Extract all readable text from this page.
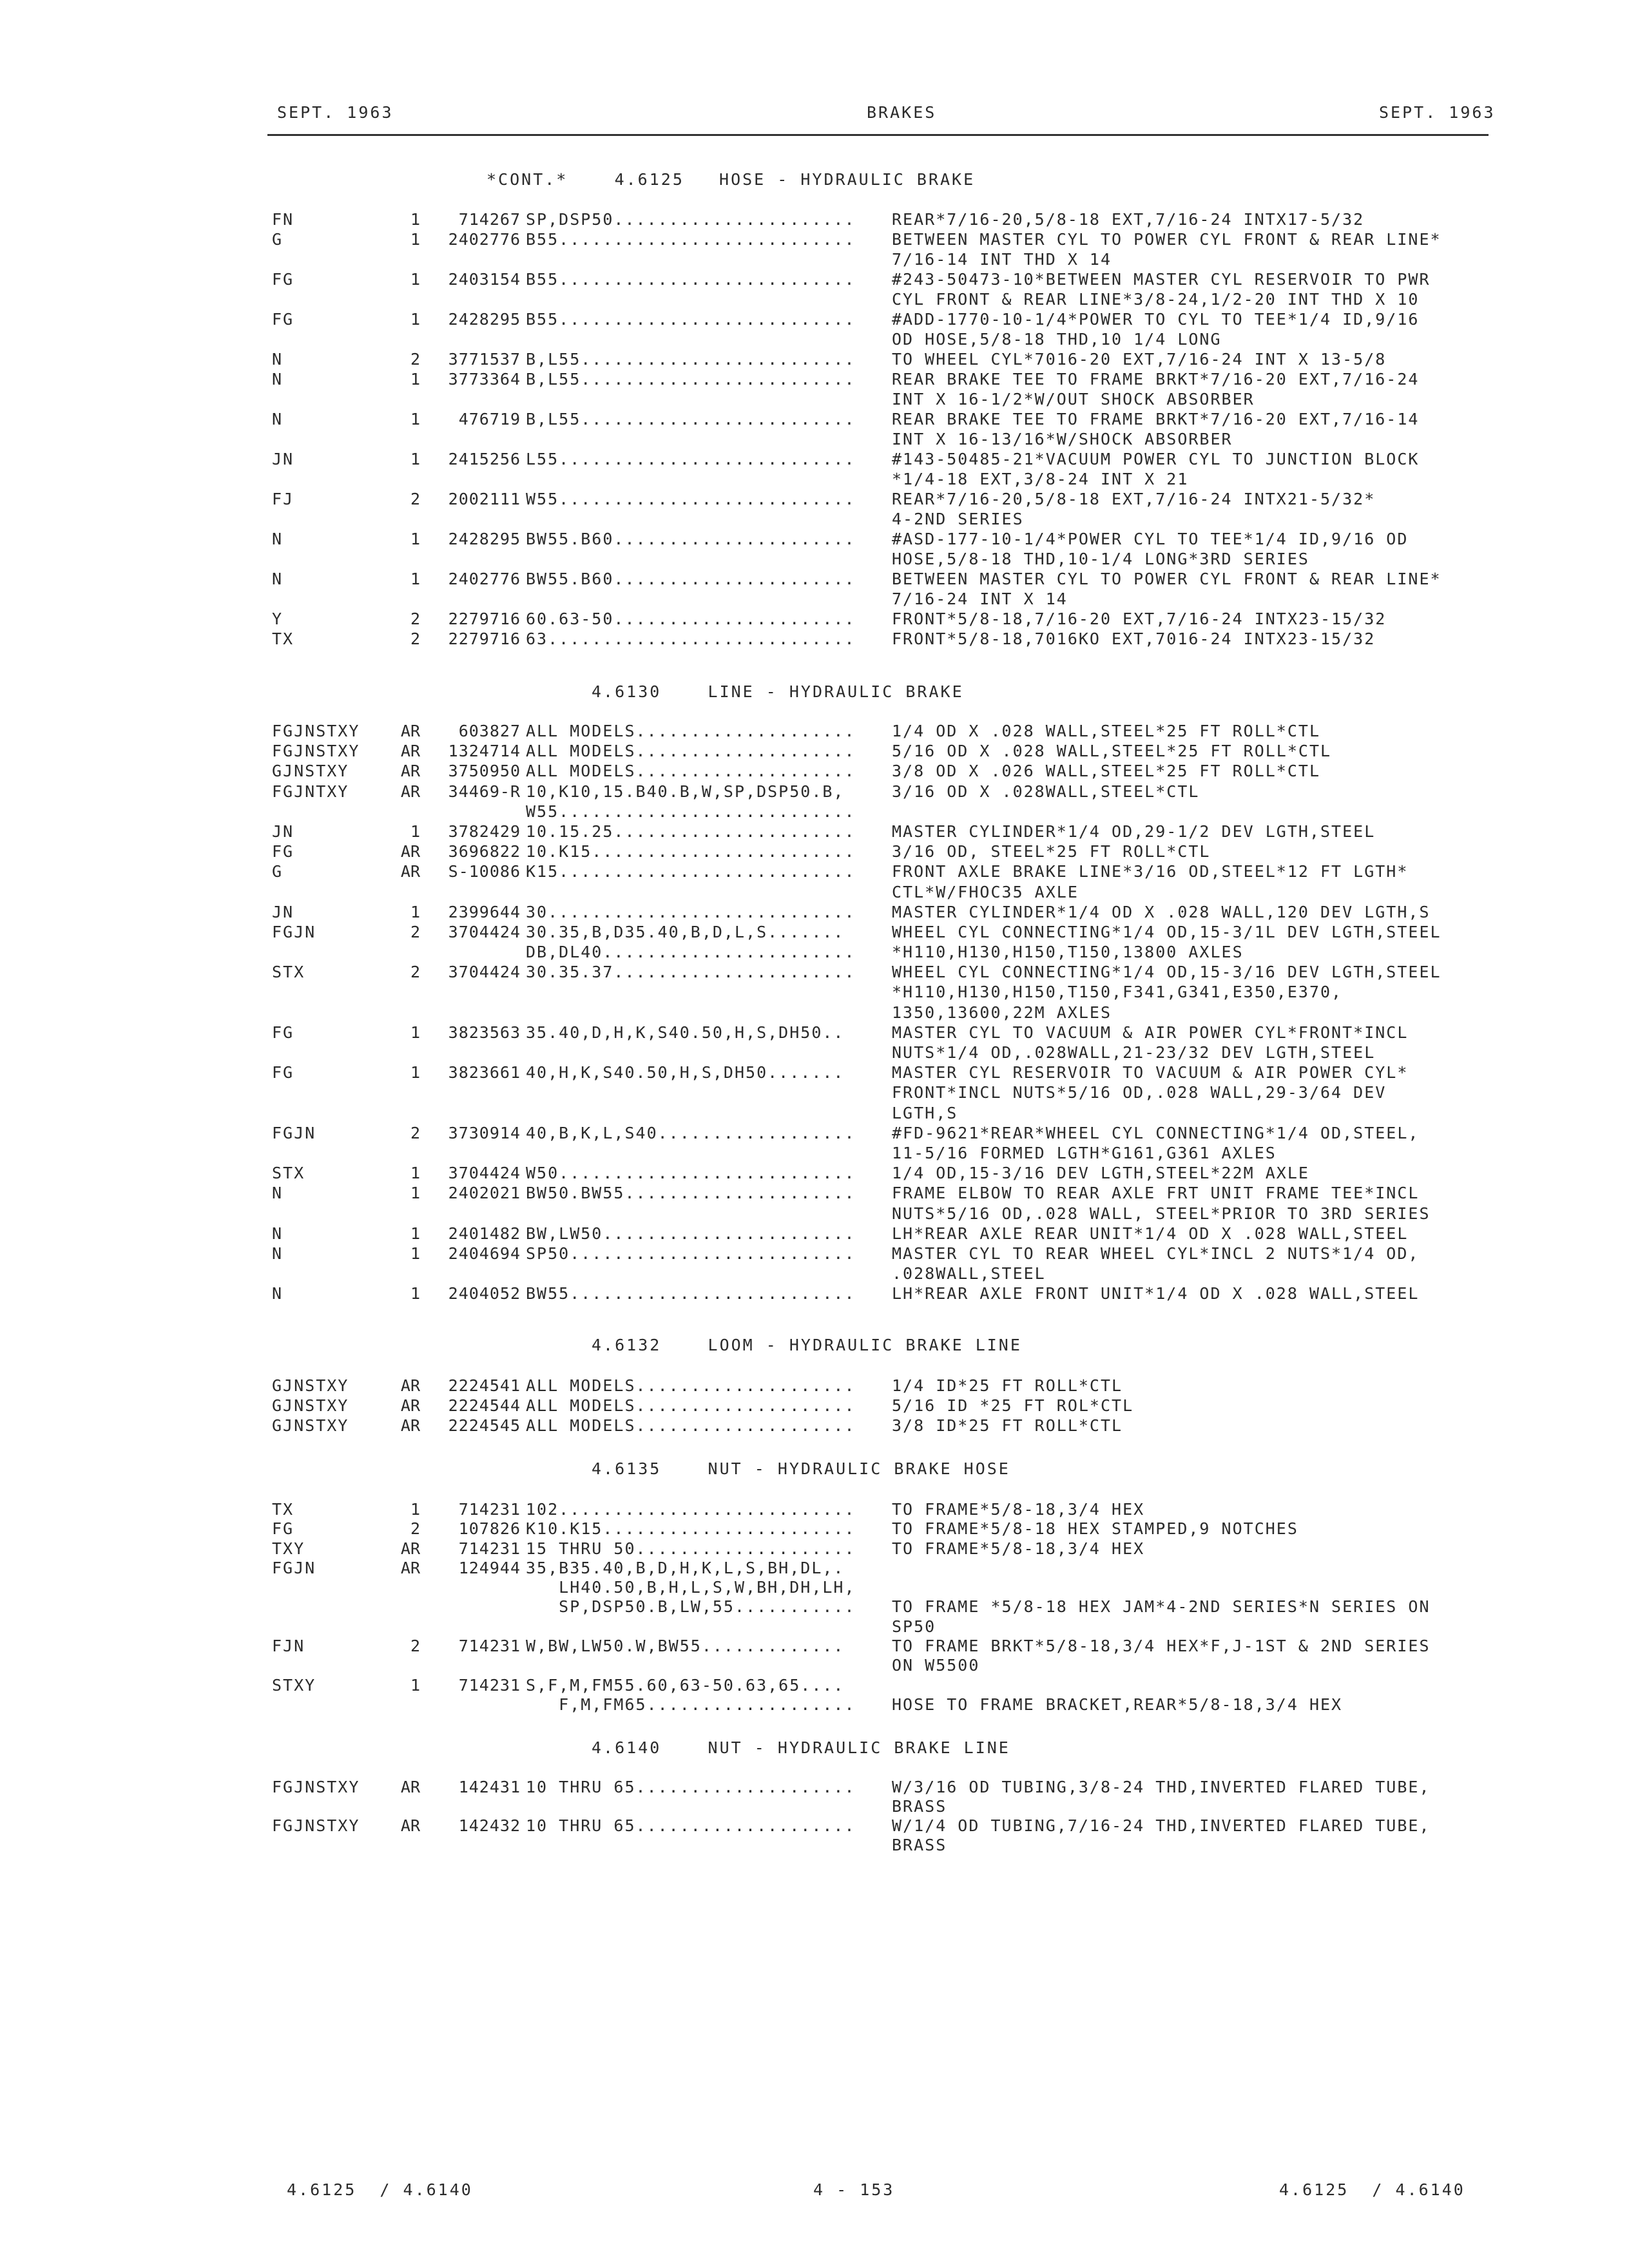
SEPT. 1963	BRAKES	SEPT. 1963
*CONT.*    4.6125   HOSE - HYDRAULIC BRAKE
FN	1	714267 SP,DSP50...................... REAR*7/16-20,5/8-18 EXT,7/16-24 INTX17-5/32
G	1	2402776 B55........................... BETWEEN MASTER CYL TO POWER CYL FRONT & REAR LINE*
7/16-14 INT THD X 14
FG	1	2403154 B55........................... #243-50473-10*BETWEEN MASTER CYL RESERVOIR TO PWR
CYL FRONT & REAR LINE*3/8-24,1/2-20 INT THD X 10
FG	1	2428295 B55........................... #ADD-1770-10-1/4*POWER TO CYL TO TEE*1/4 ID,9/16
OD HOSE,5/8-18 THD,10 1/4 LONG
N	2	3771537 B,L55......................... TO WHEEL CYL*7016-20 EXT,7/16-24 INT X 13-5/8
N	1	3773364 B,L55......................... REAR BRAKE TEE TO FRAME BRKT*7/16-20 EXT,7/16-24
INT X 16-1/2*W/OUT SHOCK ABSORBER
N	1	476719 B,L55......................... REAR BRAKE TEE TO FRAME BRKT*7/16-20 EXT,7/16-14
INT X 16-13/16*W/SHOCK ABSORBER
JN	1	2415256 L55........................... #143-50485-21*VACUUM POWER CYL TO JUNCTION BLOCK
*1/4-18 EXT,3/8-24 INT X 21
FJ	2	2002111 W55........................... REAR*7/16-20,5/8-18 EXT,7/16-24 INTX21-5/32*
4-2ND SERIES
N	1	2428295 BW55.B60...................... #ASD-177-10-1/4*POWER CYL TO TEE*1/4 ID,9/16 OD
HOSE,5/8-18 THD,10-1/4 LONG*3RD SERIES
N	1	2402776 BW55.B60...................... BETWEEN MASTER CYL TO POWER CYL FRONT & REAR LINE*
7/16-24 INT X 14
Y	2	2279716 60.63-50...................... FRONT*5/8-18,7/16-20 EXT,7/16-24 INTX23-15/32
TX	2	2279716 63............................ FRONT*5/8-18,7016KO EXT,7016-24 INTX23-15/32
4.6130    LINE - HYDRAULIC BRAKE
FGJNSTXY	AR	603827 ALL MODELS.................... 1/4 OD X .028 WALL,STEEL*25 FT ROLL*CTL
FGJNSTXY	AR	1324714 ALL MODELS.................... 5/16 OD X .028 WALL,STEEL*25 FT ROLL*CTL
GJNSTXY	AR	3750950 ALL MODELS.................... 3/8 OD X .026 WALL,STEEL*25 FT ROLL*CTL
FGJNTXY	AR	34469-R 10,K10,15.B40.B,W,SP,DSP50.B,	3/16 OD X .028WALL,STEEL*CTL
W55...........................
JN	1	3782429 10.15.25...................... MASTER CYLINDER*1/4 OD,29-1/2 DEV LGTH,STEEL
FG	AR	3696822 10.K15........................ 3/16 OD, STEEL*25 FT ROLL*CTL
G	AR	S-10086 K15........................... FRONT AXLE BRAKE LINE*3/16 OD,STEEL*12 FT LGTH*
CTL*W/FHOC35 AXLE
JN	1	2399644 30............................ MASTER CYLINDER*1/4 OD X .028 WALL,120 DEV LGTH,S
FGJN	2	3704424 30.35,B,D35.40,B,D,L,S.......	WHEEL CYL CONNECTING*1/4 OD,15-3/1L DEV LGTH,STEEL
DB,DL40....................... *H110,H130,H150,T150,13800 AXLES
STX	2	3704424 30.35.37...................... WHEEL CYL CONNECTING*1/4 OD,15-3/16 DEV LGTH,STEEL
*H110,H130,H150,T150,F341,G341,E350,E370,
1350,13600,22M AXLES
FG	1	3823563 35.40,D,H,K,S40.50,H,S,DH50..	MASTER CYL TO VACUUM & AIR POWER CYL*FRONT*INCL
NUTS*1/4 OD,.028WALL,21-23/32 DEV LGTH,STEEL
FG	1	3823661 40,H,K,S40.50,H,S,DH50.......	MASTER CYL RESERVOIR TO VACUUM & AIR POWER CYL*
FRONT*INCL NUTS*5/16 OD,.028 WALL,29-3/64 DEV
LGTH,S
FGJN	2	3730914 40,B,K,L,S40.................. #FD-9621*REAR*WHEEL CYL CONNECTING*1/4 OD,STEEL,
11-5/16 FORMED LGTH*G161,G361 AXLES
STX	1	3704424 W50........................... 1/4 OD,15-3/16 DEV LGTH,STEEL*22M AXLE
N	1	2402021 BW50.BW55..................... FRAME ELBOW TO REAR AXLE FRT UNIT FRAME TEE*INCL
NUTS*5/16 OD,.028 WALL, STEEL*PRIOR TO 3RD SERIES
N	1	2401482 BW,LW50....................... LH*REAR AXLE REAR UNIT*1/4 OD X .028 WALL,STEEL
N	1	2404694 SP50.......................... MASTER CYL TO REAR WHEEL CYL*INCL 2 NUTS*1/4 OD,
.028WALL,STEEL
N	1	2404052 BW55.......................... LH*REAR AXLE FRONT UNIT*1/4 OD X .028 WALL,STEEL
4.6132    LOOM - HYDRAULIC BRAKE LINE
GJNSTXY	AR	2224541 ALL MODELS.................... 1/4 ID*25 FT ROLL*CTL
GJNSTXY	AR	2224544 ALL MODELS.................... 5/16 ID *25 FT ROL*CTL
GJNSTXY	AR	2224545 ALL MODELS.................... 3/8 ID*25 FT ROLL*CTL
4.6135    NUT - HYDRAULIC BRAKE HOSE
TX	1	714231 102........................... TO FRAME*5/8-18,3/4 HEX
FG	2	107826 K10.K15....................... TO FRAME*5/8-18 HEX STAMPED,9 NOTCHES
TXY	AR	714231 15 THRU 50.................... TO FRAME*5/8-18,3/4 HEX
FGJN	AR	124944 35,B35.40,B,D,H,K,L,S,BH,DL,.
LH40.50,B,H,L,S,W,BH,DH,LH,
SP,DSP50.B,LW,55........... TO FRAME *5/8-18 HEX JAM*4-2ND SERIES*N SERIES ON
SP50
FJN	2	714231 W,BW,LW50.W,BW55.............	TO FRAME BRKT*5/8-18,3/4 HEX*F,J-1ST & 2ND SERIES
ON W5500
STXY	1	714231 S,F,M,FM55.60,63-50.63,65....
F,M,FM65................... HOSE TO FRAME BRACKET,REAR*5/8-18,3/4 HEX
4.6140    NUT - HYDRAULIC BRAKE LINE
FGJNSTXY	AR	142431 10 THRU 65.................... W/3/16 OD TUBING,3/8-24 THD,INVERTED FLARED TUBE,
BRASS
FGJNSTXY	AR	142432 10 THRU 65.................... W/1/4 OD TUBING,7/16-24 THD,INVERTED FLARED TUBE,
BRASS
4.6125  / 4.6140	4 - 153	4.6125  / 4.6140
